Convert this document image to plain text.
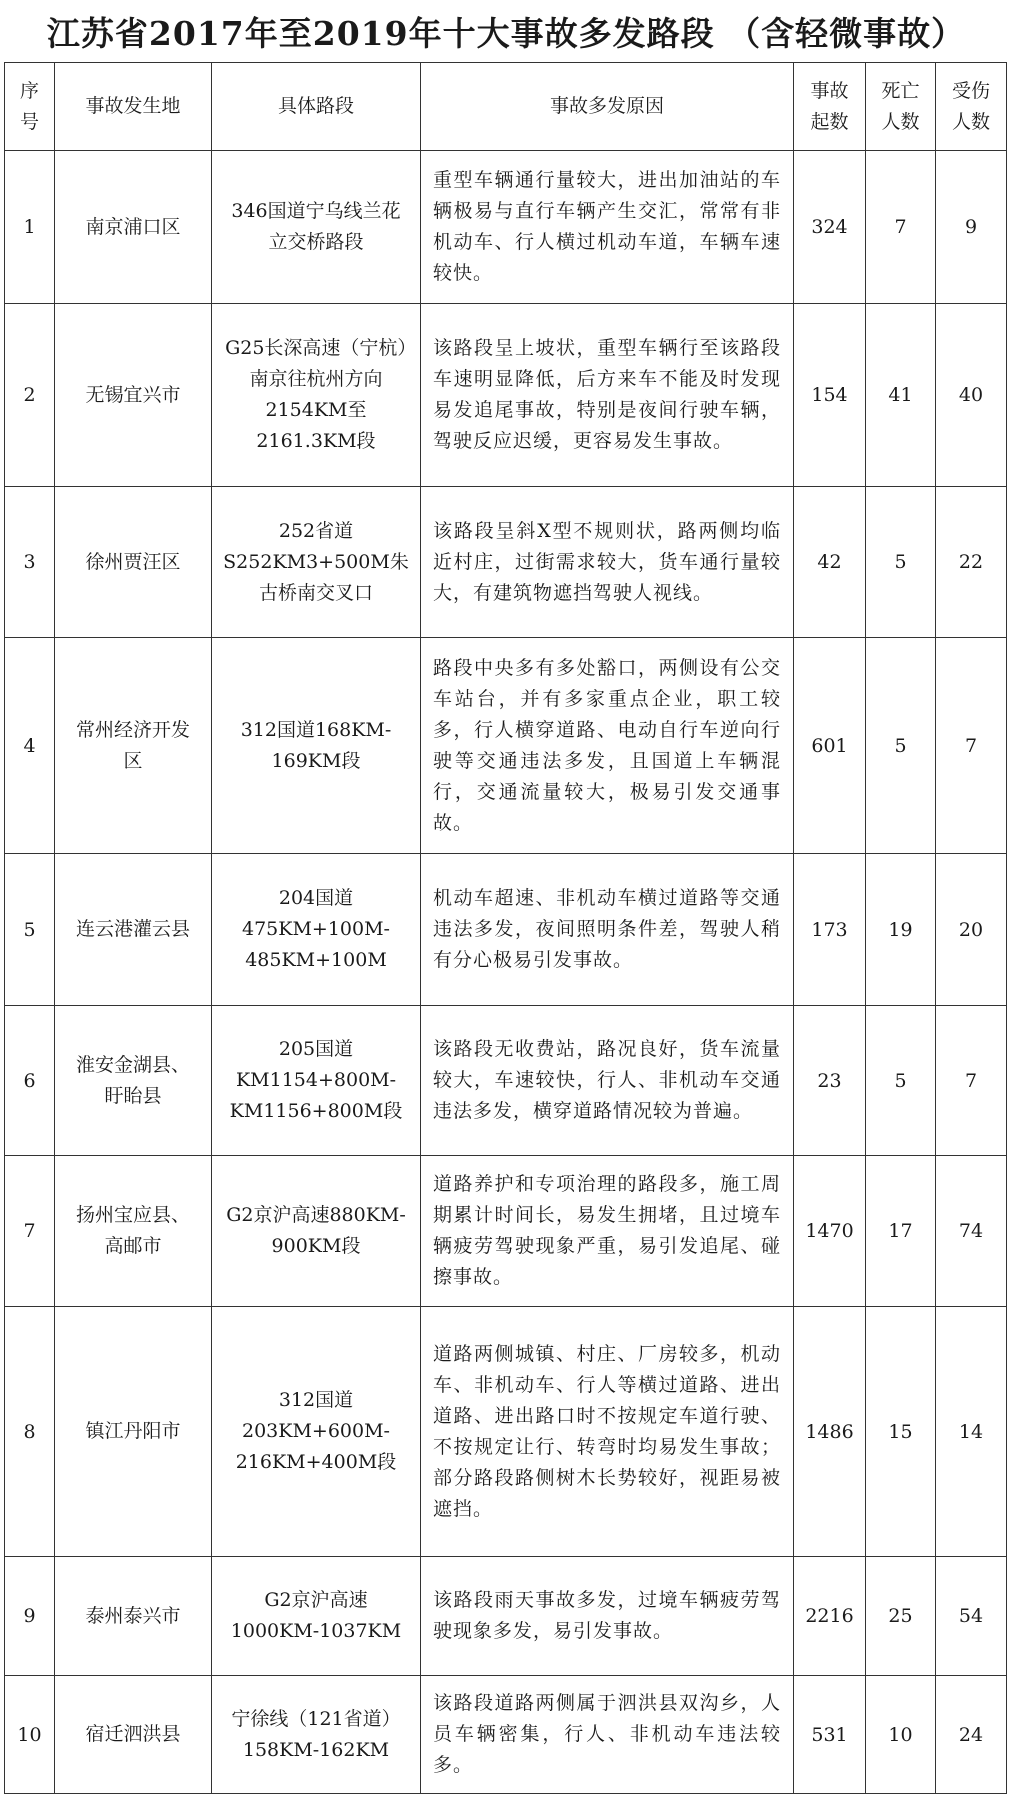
江苏省2017年至2019年十大事故多发路段 （含轻微事故）
序号	事故发生地	具体路段	事故多发原因	事故起数	死亡人数	受伤人数

1	南京浦口区	346国道宁乌线兰花立交桥路段	重型车辆通行量较大，进出加油站的车辆极易与直行车辆产生交汇，常常有非机动车、行人横过机动车道，车辆车速较快。	324	7	9
2	无锡宜兴市	G25长深高速（宁杭）南京往杭州方向2154KM至2161.3KM段	该路段呈上坡状，重型车辆行至该路段车速明显降低，后方来车不能及时发现易发追尾事故，特别是夜间行驶车辆，驾驶反应迟缓，更容易发生事故。	154	41	40
3	徐州贾汪区	252省道S252KM3+500M朱古桥南交叉口	该路段呈斜X型不规则状，路两侧均临近村庄，过街需求较大，货车通行量较大，有建筑物遮挡驾驶人视线。	42	5	22
4	常州经济开发区	312国道168KM-169KM段	路段中央多有多处豁口，两侧设有公交车站台，并有多家重点企业，职工较多，行人横穿道路、电动自行车逆向行驶等交通违法多发，且国道上车辆混行，交通流量较大，极易引发交通事故。	601	5	7
5	连云港灌云县	204国道475KM+100M-485KM+100M	机动车超速、非机动车横过道路等交通违法多发，夜间照明条件差，驾驶人稍有分心极易引发事故。	173	19	20
6	淮安金湖县、盱眙县	205国道KM1154+800M-KM1156+800M段	该路段无收费站，路况良好，货车流量较大，车速较快，行人、非机动车交通违法多发，横穿道路情况较为普遍。	23	5	7
7	扬州宝应县、高邮市	G2京沪高速880KM-900KM段	道路养护和专项治理的路段多，施工周期累计时间长，易发生拥堵，且过境车辆疲劳驾驶现象严重，易引发追尾、碰擦事故。	1470	17	74
8	镇江丹阳市	312国道203KM+600M-216KM+400M段	道路两侧城镇、村庄、厂房较多，机动车、非机动车、行人等横过道路、进出道路、进出路口时不按规定车道行驶、不按规定让行、转弯时均易发生事故；部分路段路侧树木长势较好，视距易被遮挡。	1486	15	14
9	泰州泰兴市	G2京沪高速1000KM-1037KM	该路段雨天事故多发，过境车辆疲劳驾驶现象多发，易引发事故。	2216	25	54
10	宿迁泗洪县	宁徐线（121省道）158KM-162KM	该路段道路两侧属于泗洪县双沟乡，人员车辆密集，行人、非机动车违法较多。	531	10	24
